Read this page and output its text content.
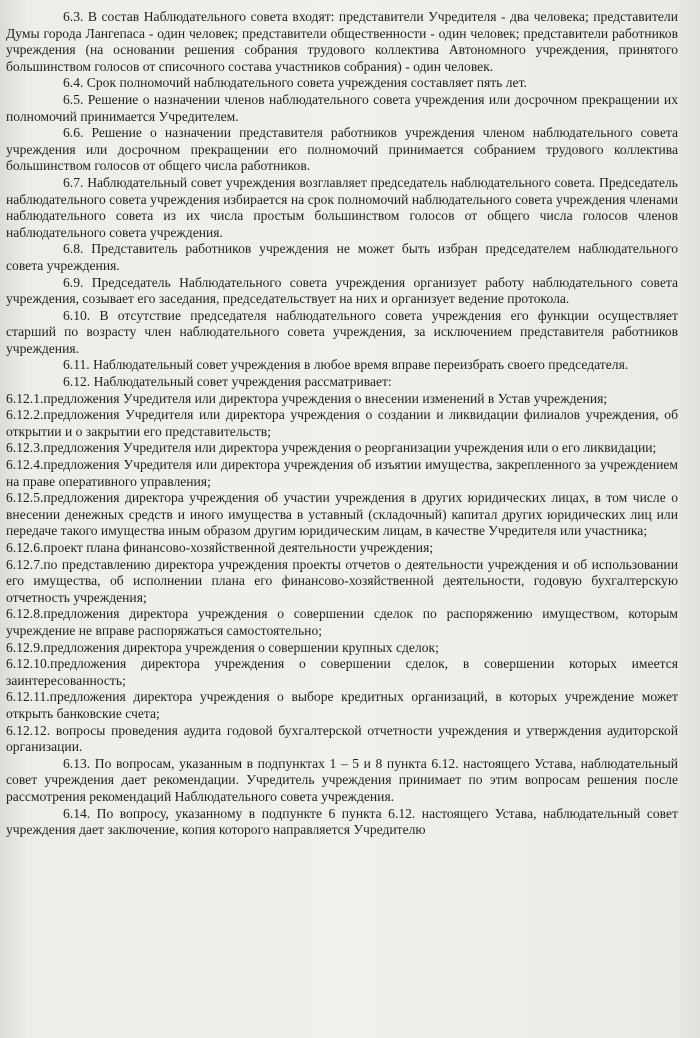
6.3. В состав Наблюдательного совета входят: представители Учредителя - два человека; представители Думы города Лангепаса - один человек; представители общественности - один человек; представители работников учреждения (на основании решения собрания трудового коллектива Автономного учреждения, принятого большинством голосов от списочного состава участников собрания) - один человек.

6.4. Срок полномочий наблюдательного совета учреждения составляет пять лет.

6.5. Решение о назначении членов наблюдательного совета учреждения или досрочном прекращении их полномочий принимается Учредителем.

6.6. Решение о назначении представителя работников учреждения членом наблюдательного совета учреждения или досрочном прекращении его полномочий принимается собранием трудового коллектива большинством голосов от общего числа работников.

6.7. Наблюдательный совет учреждения возглавляет председатель наблюдательного совета. Председатель наблюдательного совета учреждения избирается на срок полномочий наблюдательного совета учреждения членами наблюдательного совета из их числа простым большинством голосов от общего числа голосов членов наблюдательного совета учреждения.

6.8. Представитель работников учреждения не может быть избран председателем наблюдательного совета учреждения.

6.9. Председатель Наблюдательного совета учреждения организует работу наблюдательного совета учреждения, созывает его заседания, председательствует на них и организует ведение протокола.

6.10. В отсутствие председателя наблюдательного совета учреждения его функции осуществляет старший по возрасту член наблюдательного совета учреждения, за исключением представителя работников учреждения.

6.11. Наблюдательный совет учреждения в любое время вправе переизбрать своего председателя.

6.12. Наблюдательный совет учреждения рассматривает:

6.12.1.предложения Учредителя или директора учреждения о внесении изменений в Устав учреждения;

6.12.2.предложения Учредителя или директора учреждения о создании и ликвидации филиалов учреждения, об открытии и о закрытии его представительств;

6.12.3.предложения Учредителя или директора учреждения о реорганизации учреждения или о его ликвидации;

6.12.4.предложения Учредителя или директора учреждения об изъятии имущества, закрепленного за учреждением на праве оперативного управления;

6.12.5.предложения директора учреждения об участии учреждения в других юридических лицах, в том числе о внесении денежных средств и иного имущества в уставный (складочный) капитал других юридических лиц или передаче такого имущества иным образом другим юридическим лицам, в качестве Учредителя или участника;

6.12.6.проект плана финансово-хозяйственной деятельности учреждения;

6.12.7.по представлению директора учреждения проекты отчетов о деятельности учреждения и об использовании его имущества, об исполнении плана его финансово-хозяйственной деятельности, годовую бухгалтерскую отчетность учреждения;

6.12.8.предложения директора учреждения о совершении сделок по распоряжению имуществом, которым учреждение не вправе распоряжаться самостоятельно;

6.12.9.предложения директора учреждения о совершении крупных сделок;

6.12.10.предложения директора учреждения о совершении сделок, в совершении которых имеется заинтересованность;

6.12.11.предложения директора учреждения о выборе кредитных организаций, в которых учреждение может открыть банковские счета;

6.12.12. вопросы проведения аудита годовой бухгалтерской отчетности учреждения и утверждения аудиторской организации.

6.13. По вопросам, указанным в подпунктах 1 – 5 и 8 пункта 6.12. настоящего Устава, наблюдательный совет учреждения дает рекомендации. Учредитель учреждения принимает по этим вопросам решения после рассмотрения рекомендаций Наблюдательного совета учреждения.

6.14. По вопросу, указанному в подпункте 6 пункта 6.12. настоящего Устава, наблюдательный совет учреждения дает заключение, копия которого направляется Учредителю
